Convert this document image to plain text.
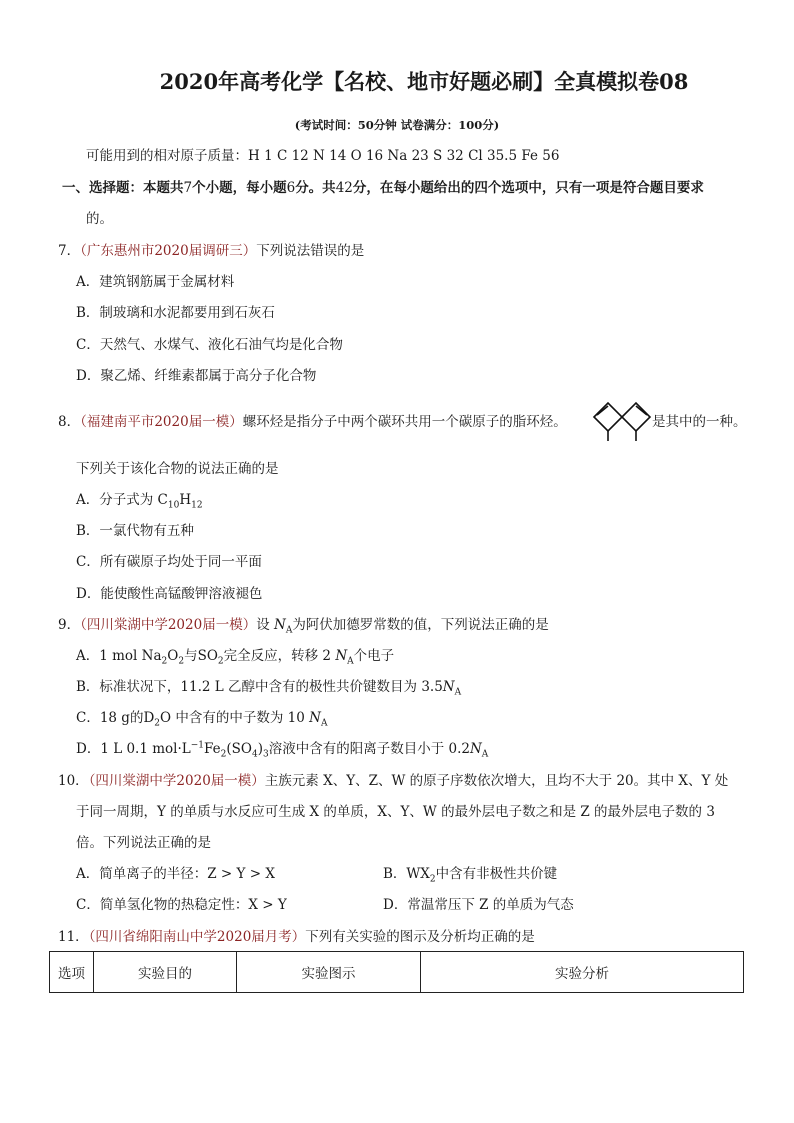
2020年高考化学【名校、地市好题必刷】全真模拟卷08
(考试时间：50分钟 试卷满分：100分)
可能用到的相对原子质量：H 1 C 12 N 14 O 16 Na 23 S 32 Cl 35.5 Fe 56
一、选择题：本题共7个小题，每小题6分。共42分，在每小题给出的四个选项中，只有一项是符合题目要求
的。
7．（广东惠州市2020届调研三）下列说法错误的是
A．建筑钢筋属于金属材料
B．制玻璃和水泥都要用到石灰石
C．天然气、水煤气、液化石油气均是化合物
D．聚乙烯、纤维素都属于高分子化合物
8．（福建南平市2020届一模）螺环烃是指分子中两个碳环共用一个碳原子的脂环烃。	是其中的一种。
下列关于该化合物的说法正确的是
A．分子式为 $C_{10}H_{12}$
B．一氯代物有五种
C．所有碳原子均处于同一平面
D．能使酸性高锰酸钾溶液褪色
9．（四川棠湖中学2020届一模）设 $N_A$为阿伏加德罗常数的值，下列说法正确的是
A．1 mol $Na_2O_2$与$SO_2$完全反应，转移 2 $N_A$个电子
B．标准状况下，11.2 L 乙醇中含有的极性共价键数目为 $3.5N_A$
C．18 g的$D_2O$ 中含有的中子数为 10 $N_A$
D．1 L 0.1 $mol\cdot L^{-1}Fe_2(SO_4)_3$溶液中含有的阳离子数目小于 $0.2N_A$
10．（四川棠湖中学2020届一模）主族元素 X、Y、Z、W 的原子序数依次增大，且均不大于 20。其中 X、Y 处
于同一周期，Y 的单质与水反应可生成 X 的单质，X、Y、W 的最外层电子数之和是 Z 的最外层电子数的 3
倍。下列说法正确的是
A．简单离子的半径：Z > Y > X	B．$WX_2$中含有非极性共价键
C．简单氢化物的热稳定性：X > Y	D．常温常压下 Z 的单质为气态
11．（四川省绵阳南山中学2020届月考）下列有关实验的图示及分析均正确的是
选项	实验目的	实验图示	实验分析
